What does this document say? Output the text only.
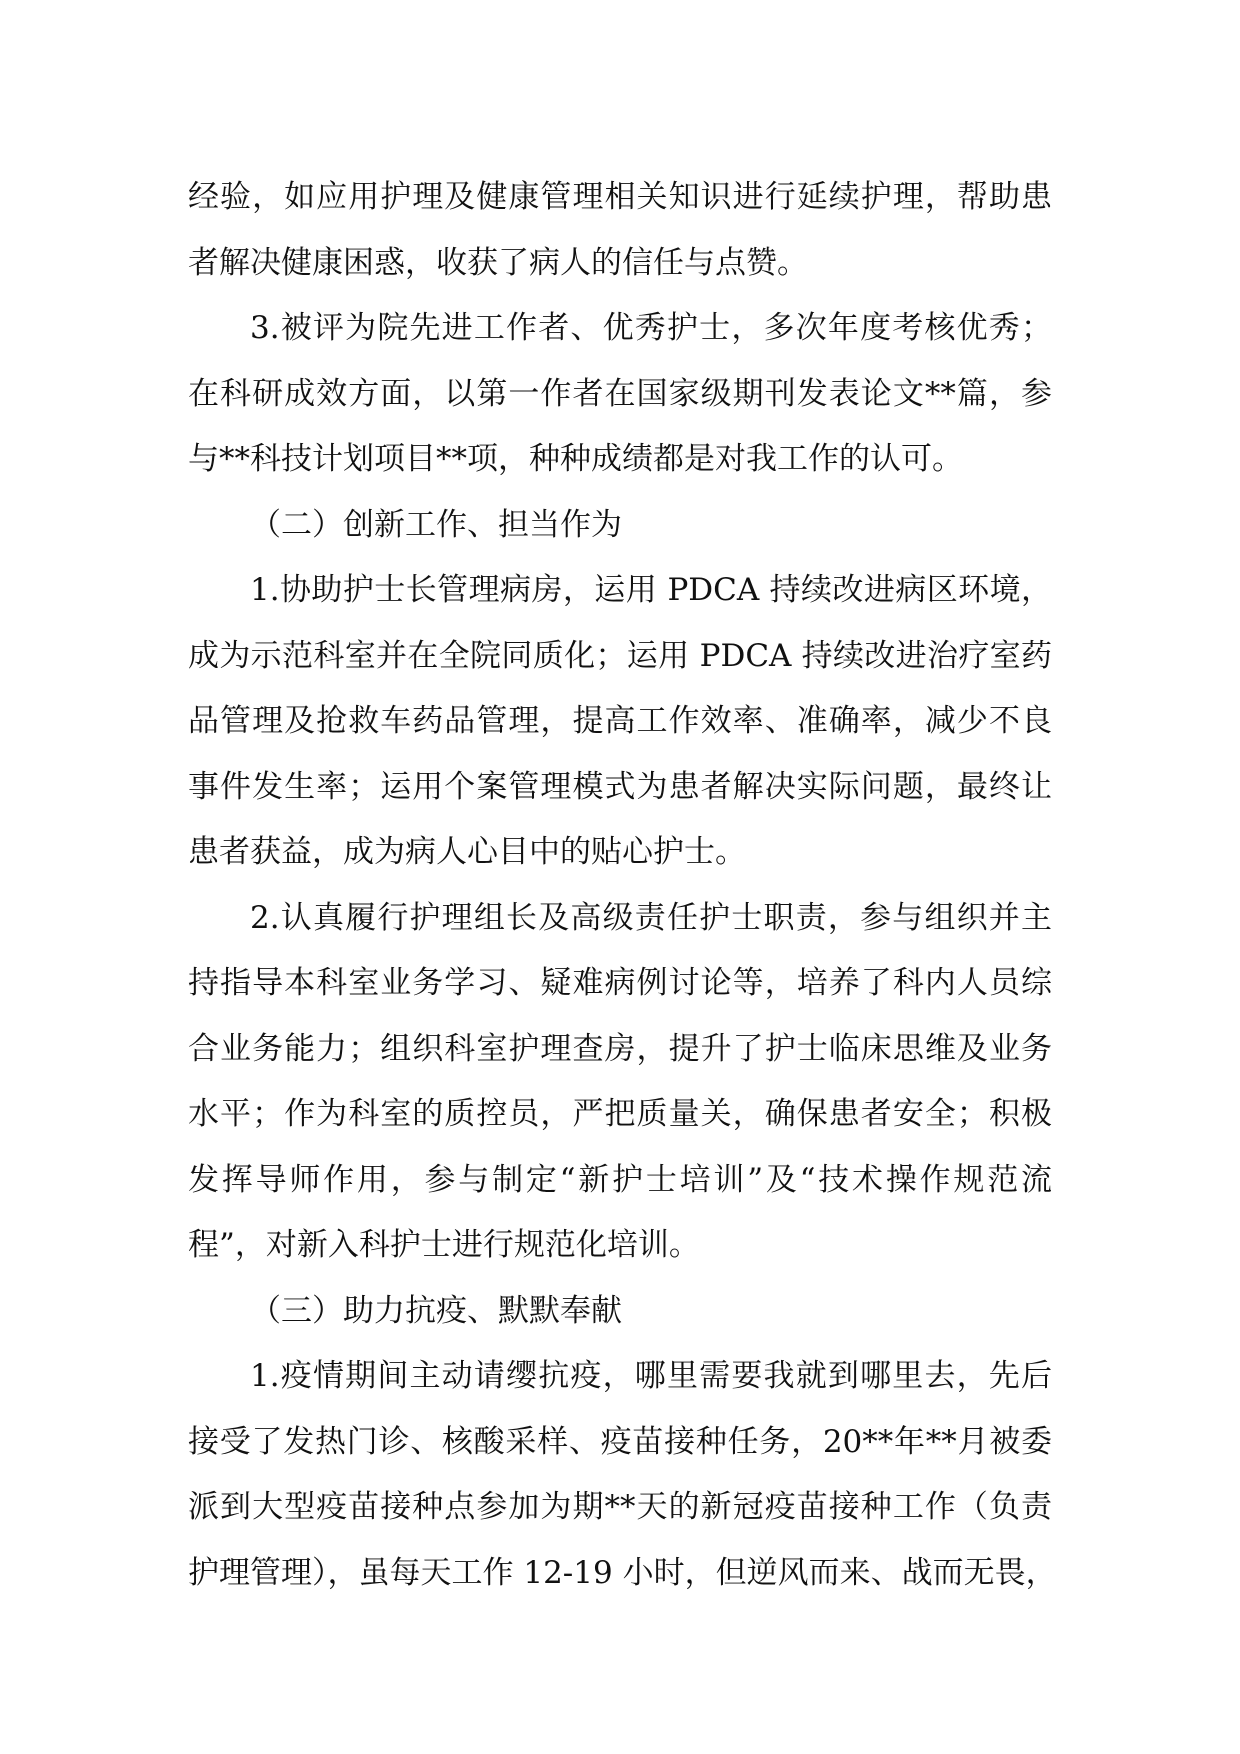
经验，如应用护理及健康管理相关知识进行延续护理，帮助患
者解决健康困惑，收获了病人的信任与点赞。
3.被评为院先进工作者、优秀护士，多次年度考核优秀；
在科研成效方面，以第一作者在国家级期刊发表论文**篇，参
与**科技计划项目**项，种种成绩都是对我工作的认可。
（二）创新工作、担当作为
1.协助护士长管理病房，运用 PDCA 持续改进病区环境，
成为示范科室并在全院同质化；运用 PDCA 持续改进治疗室药
品管理及抢救车药品管理，提高工作效率、准确率，减少不良
事件发生率；运用个案管理模式为患者解决实际问题，最终让
患者获益，成为病人心目中的贴心护士。
2.认真履行护理组长及高级责任护士职责，参与组织并主
持指导本科室业务学习、疑难病例讨论等，培养了科内人员综
合业务能力；组织科室护理查房，提升了护士临床思维及业务
水平；作为科室的质控员，严把质量关，确保患者安全；积极
发挥导师作用，参与制定“新护士培训”及“技术操作规范流
程”，对新入科护士进行规范化培训。
（三）助力抗疫、默默奉献
1.疫情期间主动请缨抗疫，哪里需要我就到哪里去，先后
接受了发热门诊、核酸采样、疫苗接种任务，20**年**月被委
派到大型疫苗接种点参加为期**天的新冠疫苗接种工作（负责
护理管理），虽每天工作 12-19 小时，但逆风而来、战而无畏，
